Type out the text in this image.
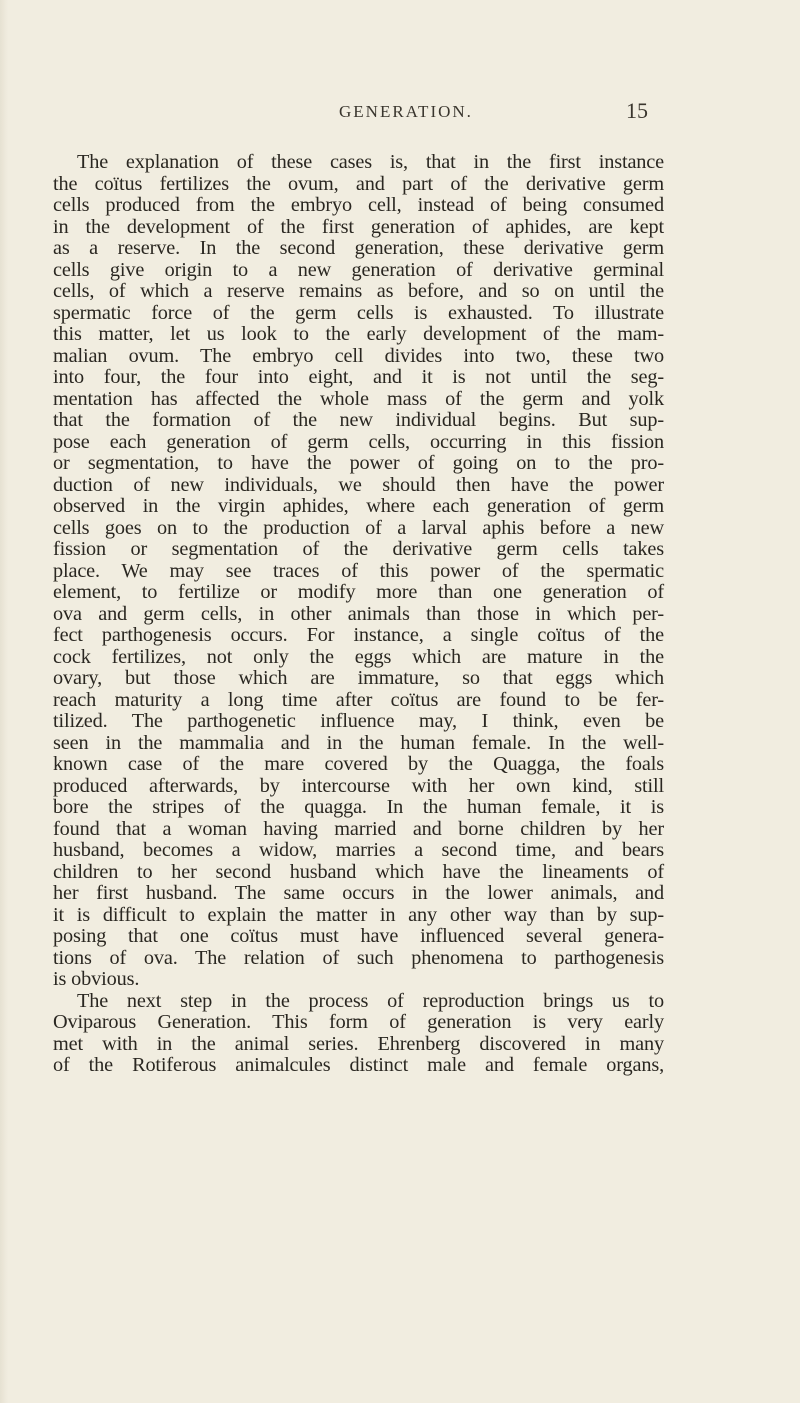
GENERATION.	15
The explanation of these cases is, that in the first instance
the coïtus fertilizes the ovum, and part of the derivative germ
cells produced from the embryo cell, instead of being consumed
in the development of the first generation of aphides, are kept
as a reserve. In the second generation, these derivative germ
cells give origin to a new generation of derivative germinal
cells, of which a reserve remains as before, and so on until the
spermatic force of the germ cells is exhausted. To illustrate
this matter, let us look to the early development of the mam-
malian ovum. The embryo cell divides into two, these two
into four, the four into eight, and it is not until the seg-
mentation has affected the whole mass of the germ and yolk
that the formation of the new individual begins. But sup-
pose each generation of germ cells, occurring in this fission
or segmentation, to have the power of going on to the pro-
duction of new individuals, we should then have the power
observed in the virgin aphides, where each generation of germ
cells goes on to the production of a larval aphis before a new
fission or segmentation of the derivative germ cells takes
place. We may see traces of this power of the spermatic
element, to fertilize or modify more than one generation of
ova and germ cells, in other animals than those in which per-
fect parthogenesis occurs. For instance, a single coïtus of the
cock fertilizes, not only the eggs which are mature in the
ovary, but those which are immature, so that eggs which
reach maturity a long time after coïtus are found to be fer-
tilized. The parthogenetic influence may, I think, even be
seen in the mammalia and in the human female. In the well-
known case of the mare covered by the Quagga, the foals
produced afterwards, by intercourse with her own kind, still
bore the stripes of the quagga. In the human female, it is
found that a woman having married and borne children by her
husband, becomes a widow, marries a second time, and bears
children to her second husband which have the lineaments of
her first husband. The same occurs in the lower animals, and
it is difficult to explain the matter in any other way than by sup-
posing that one coïtus must have influenced several genera-
tions of ova. The relation of such phenomena to parthogenesis
is obvious.
The next step in the process of reproduction brings us to
Oviparous Generation. This form of generation is very early
met with in the animal series. Ehrenberg discovered in many
of the Rotiferous animalcules distinct male and female organs,
